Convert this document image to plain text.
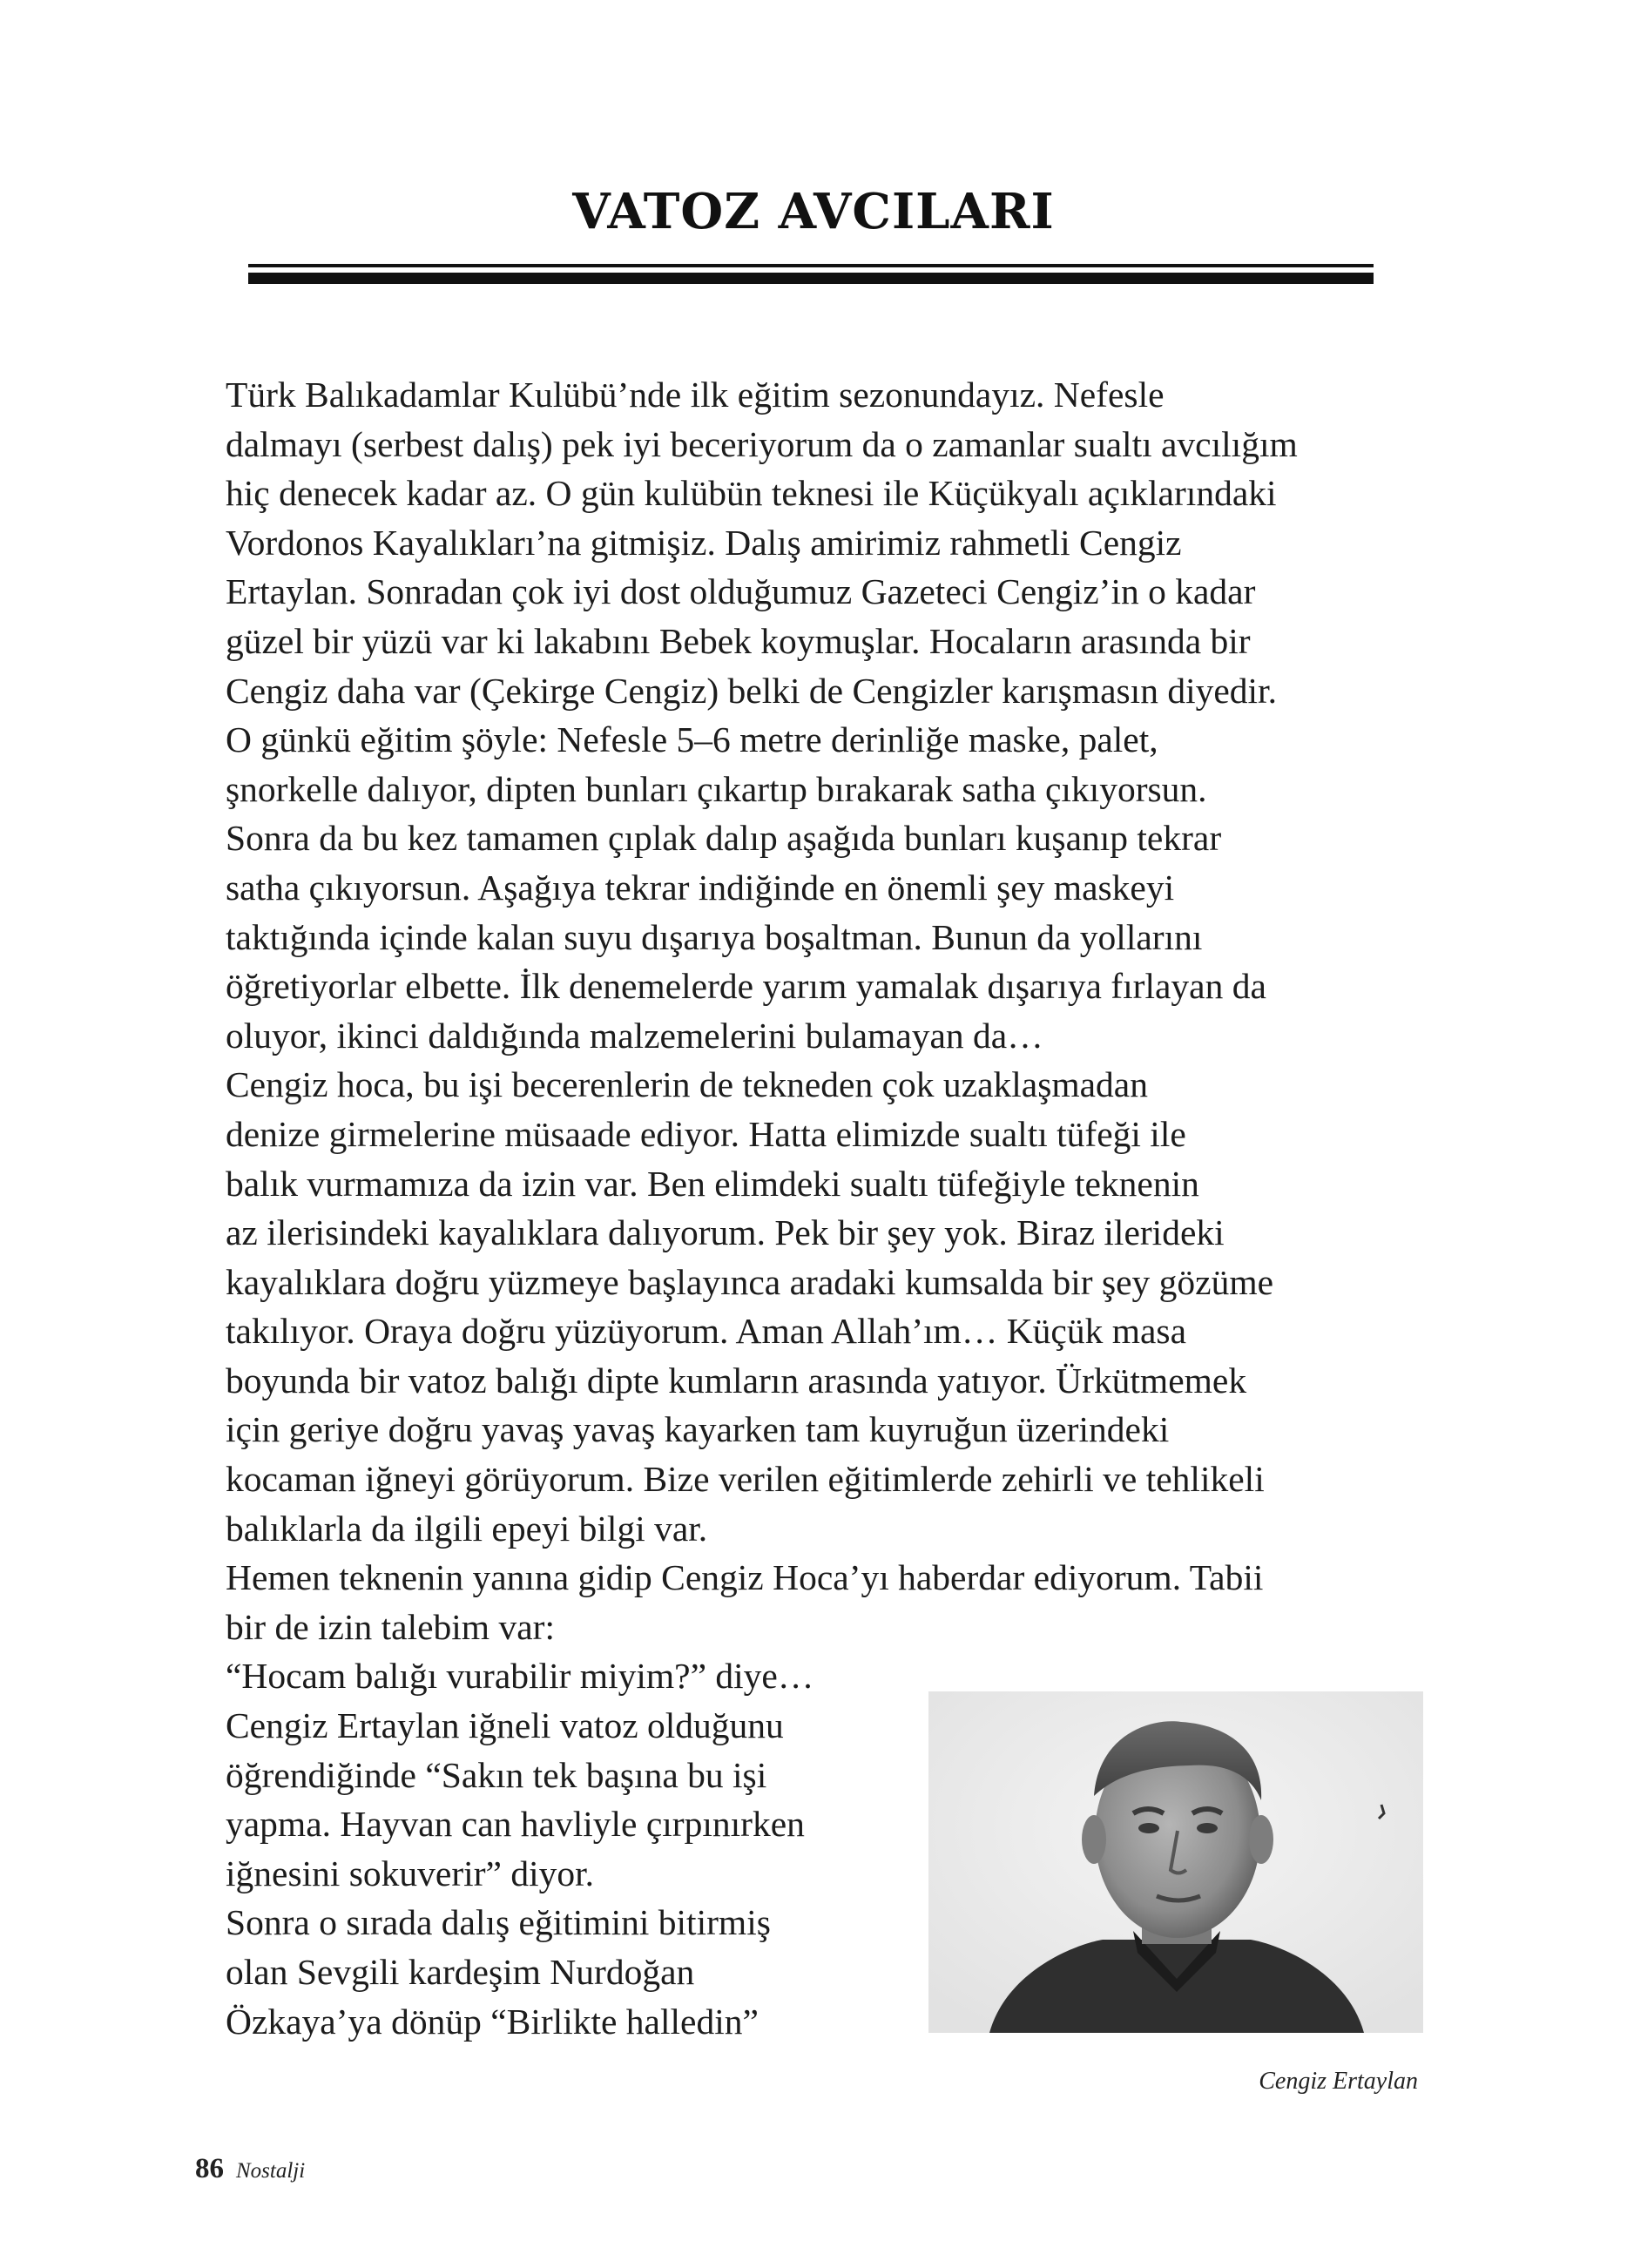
VATOZ AVCILARI

Türk Balıkadamlar Kulübü’nde ilk eğitim sezonundayız. Nefesle
dalmayı (serbest dalış) pek iyi beceriyorum da o zamanlar sualtı avcılığım
hiç denecek kadar az. O gün kulübün teknesi ile Küçükyalı açıklarındaki
Vordonos Kayalıkları’na gitmişiz. Dalış amirimiz rahmetli Cengiz
Ertaylan. Sonradan çok iyi dost olduğumuz Gazeteci Cengiz’in o kadar
güzel bir yüzü var ki lakabını Bebek koymuşlar. Hocaların arasında bir
Cengiz daha var (Çekirge Cengiz) belki de Cengizler karışmasın diyedir.

O günkü eğitim şöyle: Nefesle 5–6 metre derinliğe maske, palet,
şnorkelle dalıyor, dipten bunları çıkartıp bırakarak satha çıkıyorsun.
Sonra da bu kez tamamen çıplak dalıp aşağıda bunları kuşanıp tekrar
satha çıkıyorsun. Aşağıya tekrar indiğinde en önemli şey maskeyi
taktığında içinde kalan suyu dışarıya boşaltman. Bunun da yollarını
öğretiyorlar elbette. İlk denemelerde yarım yamalak dışarıya fırlayan da
oluyor, ikinci daldığında malzemelerini bulamayan da…

Cengiz hoca, bu işi becerenlerin de tekneden çok uzaklaşmadan
denize girmelerine müsaade ediyor. Hatta elimizde sualtı tüfeği ile
balık vurmamıza da izin var. Ben elimdeki sualtı tüfeğiyle teknenin
az ilerisindeki kayalıklara dalıyorum. Pek bir şey yok. Biraz ilerideki
kayalıklara doğru yüzmeye başlayınca aradaki kumsalda bir şey gözüme
takılıyor. Oraya doğru yüzüyorum. Aman Allah’ım… Küçük masa
boyunda bir vatoz balığı dipte kumların arasında yatıyor. Ürkütmemek
için geriye doğru yavaş yavaş kayarken tam kuyruğun üzerindeki
kocaman iğneyi görüyorum. Bize verilen eğitimlerde zehirli ve tehlikeli
balıklarla da ilgili epeyi bilgi var.

Hemen teknenin yanına gidip Cengiz Hoca’yı haberdar ediyorum. Tabii
bir de izin talebim var:

“Hocam balığı vurabilir miyim?” diye…

Cengiz Ertaylan iğneli vatoz olduğunu
öğrendiğinde “Sakın tek başına bu işi
yapma. Hayvan can havliyle çırpınırken
iğnesini sokuverir” diyor.

Sonra o sırada dalış eğitimini bitirmiş
olan Sevgili kardeşim Nurdoğan
Özkaya’ya dönüp “Birlikte halledin”

Cengiz Ertaylan
86 Nostalji
